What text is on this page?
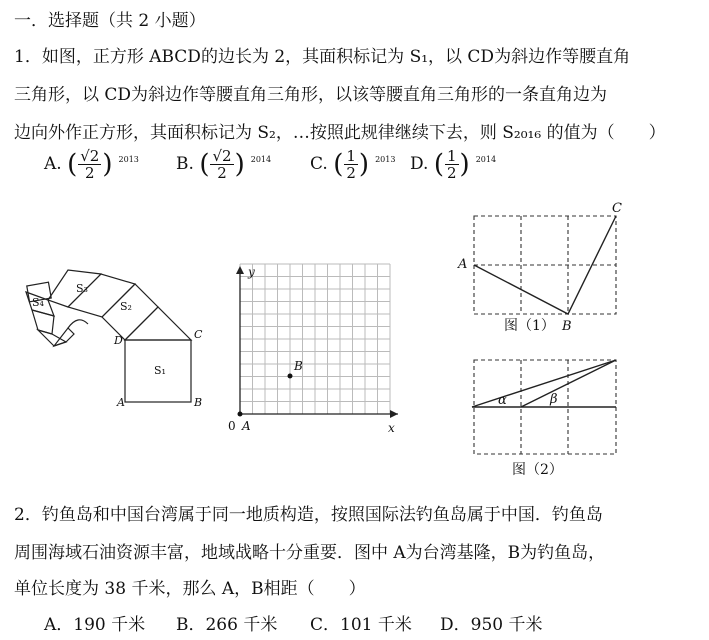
一．选择题（共 2 小题）
1．如图，正方形 ABCD的边长为 2，其面积标记为 S₁，以 CD为斜边作等腰直角
三角形，以 CD为斜边作等腰直角三角形，以该等腰直角三角形的一条直角边为
边向外作正方形，其面积标记为 S₂，…按照此规律继续下去，则 S₂₀₁₆ 的值为（　　）
A. ( $\frac{√2}{2}$ ) $^{2013}$ B. ( $\frac{√2}{2}$ ) $^{2014}$ C. ( $\frac{1}{2}$ ) $^{2013}$ D. ( $\frac{1}{2}$ ) $^{2014}$
S₁
S₂
S₃
S₄
A	B
C
D
y
x
0 A
B
A
B
C
图（1）
α	β
图（2）
2．钓鱼岛和中国台湾属于同一地质构造，按照国际法钓鱼岛属于中国．钓鱼岛
周围海域石油资源丰富，地域战略十分重要．图中 A为台湾基隆，B为钓鱼岛，
单位长度为 38 千米，那么 A，B相距（　　）
A．190 千米 B．266 千米 C．101 千米 D．950 千米
